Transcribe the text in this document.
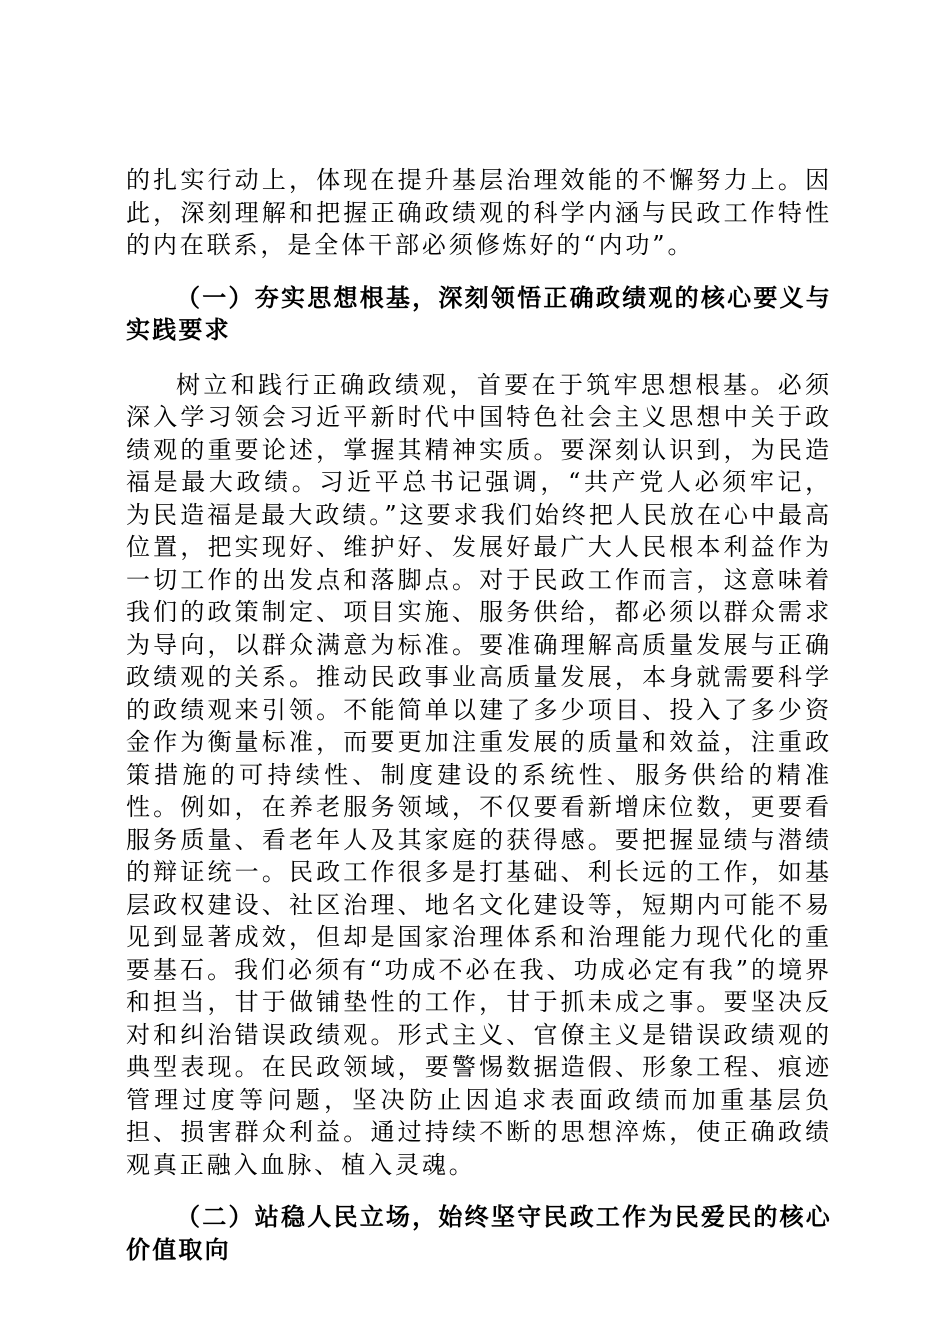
的扎实行动上，体现在提升基层治理效能的不懈努力上。因此，深刻理解和把握正确政绩观的科学内涵与民政工作特性的内在联系，是全体干部必须修炼好的“内功”。

（一）夯实思想根基，深刻领悟正确政绩观的核心要义与实践要求

树立和践行正确政绩观，首要在于筑牢思想根基。必须深入学习领会习近平新时代中国特色社会主义思想中关于政绩观的重要论述，掌握其精神实质。要深刻认识到，为民造福是最大政绩。习近平总书记强调，“共产党人必须牢记，为民造福是最大政绩。”这要求我们始终把人民放在心中最高位置，把实现好、维护好、发展好最广大人民根本利益作为一切工作的出发点和落脚点。对于民政工作而言，这意味着我们的政策制定、项目实施、服务供给，都必须以群众需求为导向，以群众满意为标准。要准确理解高质量发展与正确政绩观的关系。推动民政事业高质量发展，本身就需要科学的政绩观来引领。不能简单以建了多少项目、投入了多少资金作为衡量标准，而要更加注重发展的质量和效益，注重政策措施的可持续性、制度建设的系统性、服务供给的精准性。例如，在养老服务领域，不仅要看新增床位数，更要看服务质量、看老年人及其家庭的获得感。要把握显绩与潜绩的辩证统一。民政工作很多是打基础、利长远的工作，如基层政权建设、社区治理、地名文化建设等，短期内可能不易见到显著成效，但却是国家治理体系和治理能力现代化的重要基石。我们必须有“功成不必在我、功成必定有我”的境界和担当，甘于做铺垫性的工作，甘于抓未成之事。要坚决反对和纠治错误政绩观。形式主义、官僚主义是错误政绩观的典型表现。在民政领域，要警惕数据造假、形象工程、痕迹管理过度等问题，坚决防止因追求表面政绩而加重基层负担、损害群众利益。通过持续不断的思想淬炼，使正确政绩观真正融入血脉、植入灵魂。

（二）站稳人民立场，始终坚守民政工作为民爱民的核心价值取向
